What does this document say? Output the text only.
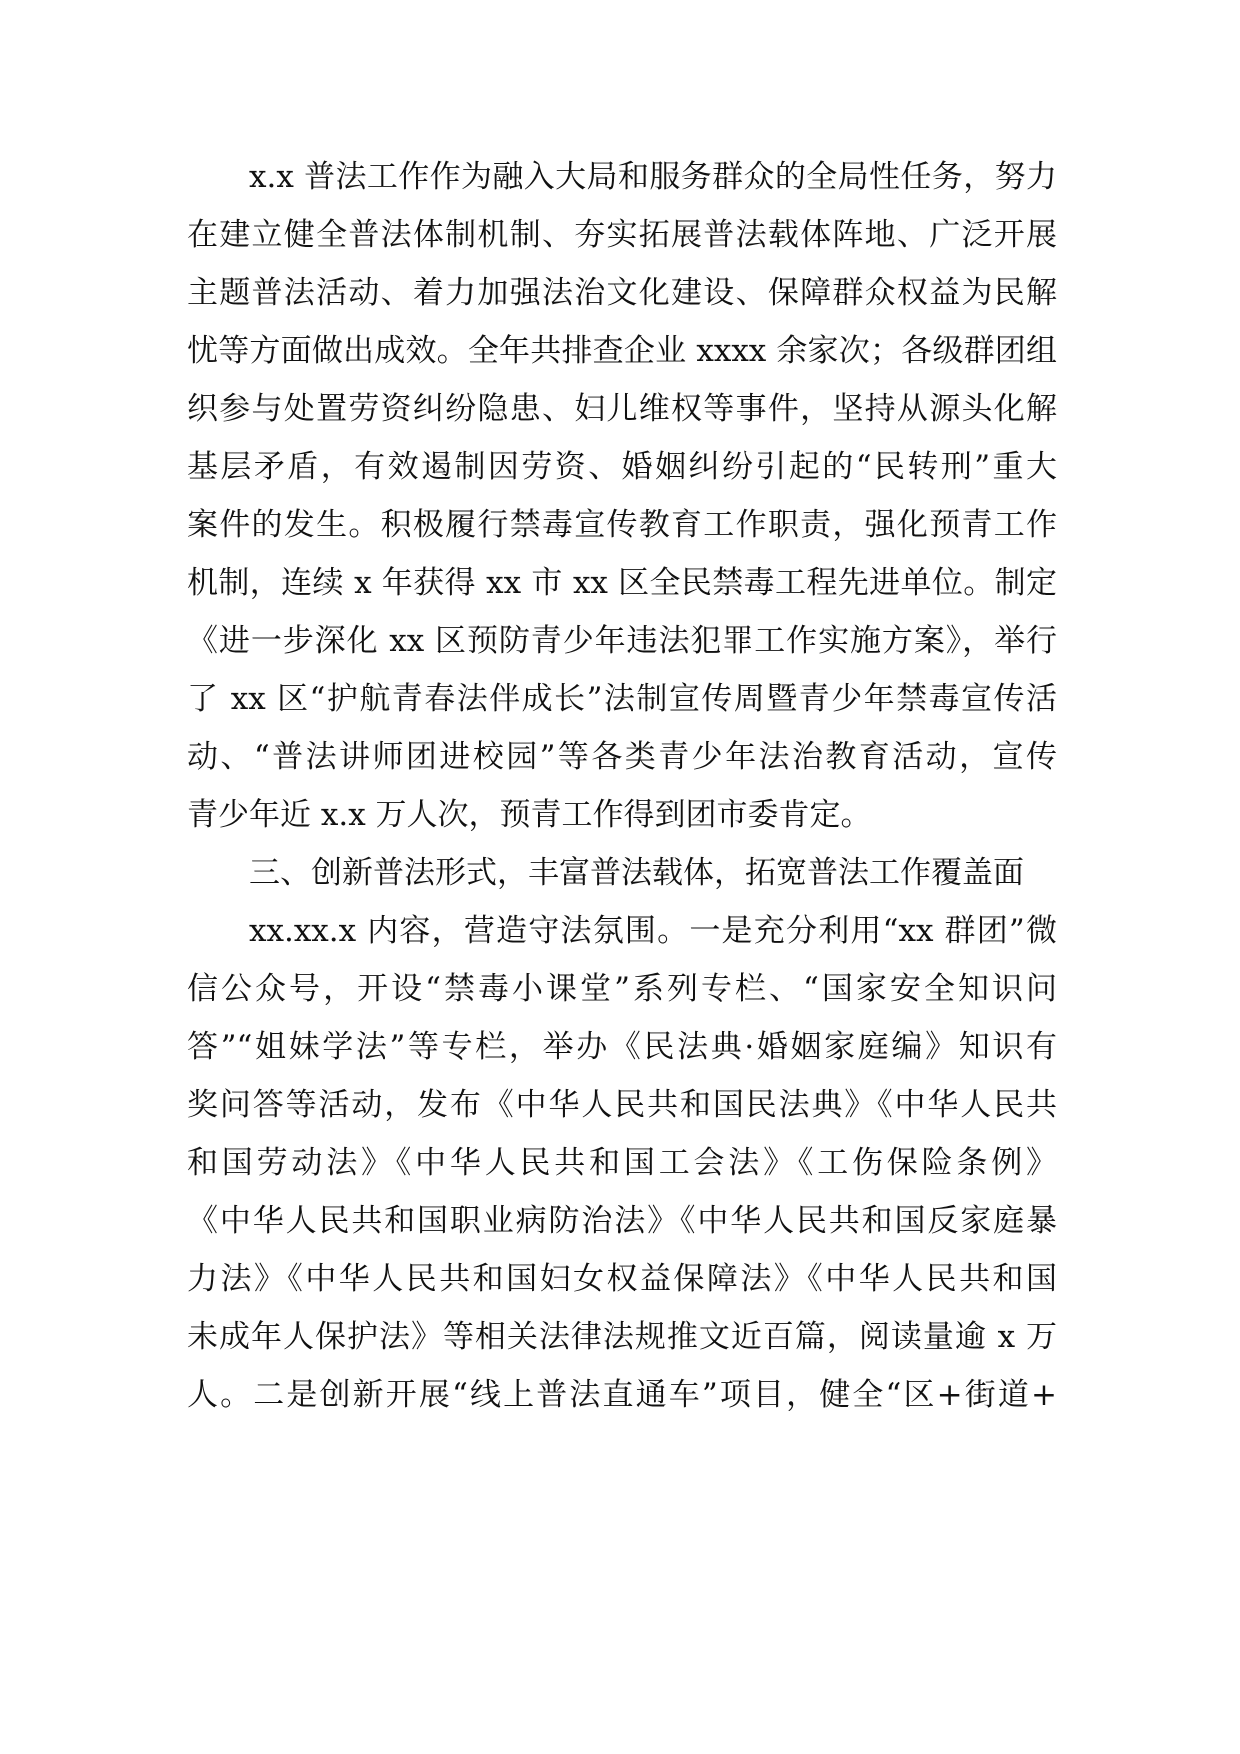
x.x 普法工作作为融入大局和服务群众的全局性任务，努力
在建立健全普法体制机制、夯实拓展普法载体阵地、广泛开展
主题普法活动、着力加强法治文化建设、保障群众权益为民解
忧等方面做出成效。全年共排查企业 xxxx 余家次；各级群团组
织参与处置劳资纠纷隐患、妇儿维权等事件，坚持从源头化解
基层矛盾，有效遏制因劳资、婚姻纠纷引起的“民转刑”重大
案件的发生。积极履行禁毒宣传教育工作职责，强化预青工作
机制，连续 x 年获得 xx 市 xx 区全民禁毒工程先进单位。制定
《进一步深化 xx 区预防青少年违法犯罪工作实施方案》，举行
了 xx 区“护航青春法伴成长”法制宣传周暨青少年禁毒宣传活
动、“普法讲师团进校园”等各类青少年法治教育活动，宣传
青少年近 x.x 万人次，预青工作得到团市委肯定。
三、创新普法形式，丰富普法载体，拓宽普法工作覆盖面
xx.xx.x 内容，营造守法氛围。一是充分利用“xx 群团”微
信公众号，开设“禁毒小课堂”系列专栏、“国家安全知识问
答”“姐妹学法”等专栏，举办《民法典·婚姻家庭编》知识有
奖问答等活动，发布《中华人民共和国民法典》《中华人民共
和国劳动法》《中华人民共和国工会法》《工伤保险条例》
《中华人民共和国职业病防治法》《中华人民共和国反家庭暴
力法》《中华人民共和国妇女权益保障法》《中华人民共和国
未成年人保护法》等相关法律法规推文近百篇，阅读量逾 x 万
人。二是创新开展“线上普法直通车”项目，健全“区+街道+
